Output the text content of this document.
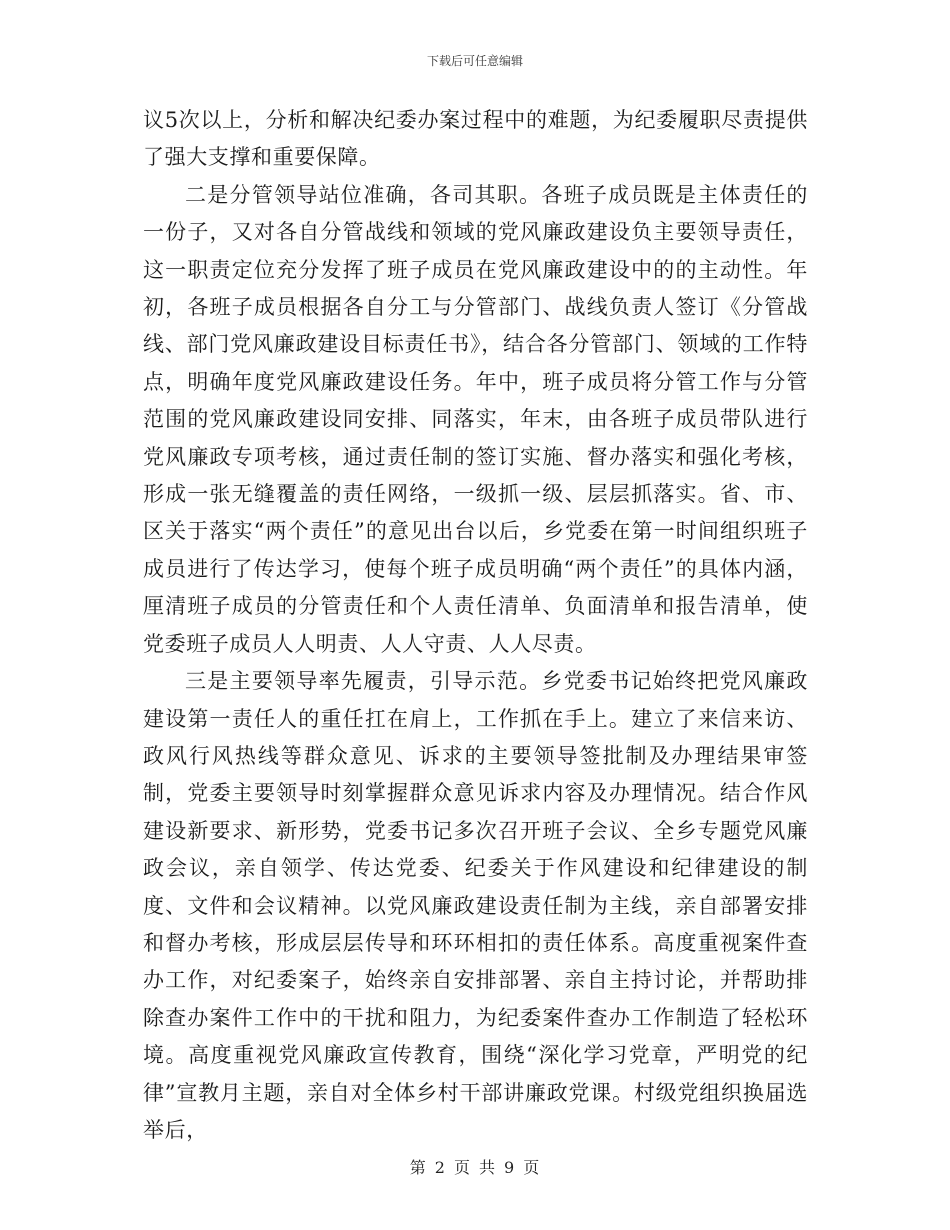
下载后可任意编辑

议5次以上，分析和解决纪委办案过程中的难题，为纪委履职尽责提供了强大支撑和重要保障。

二是分管领导站位准确，各司其职。各班子成员既是主体责任的一份子，又对各自分管战线和领域的党风廉政建设负主要领导责任，这一职责定位充分发挥了班子成员在党风廉政建设中的的主动性。年初，各班子成员根据各自分工与分管部门、战线负责人签订《分管战线、部门党风廉政建设目标责任书》，结合各分管部门、领域的工作特点，明确年度党风廉政建设任务。年中，班子成员将分管工作与分管范围的党风廉政建设同安排、同落实，年末，由各班子成员带队进行党风廉政专项考核，通过责任制的签订实施、督办落实和强化考核，形成一张无缝覆盖的责任网络，一级抓一级、层层抓落实。省、市、区关于落实“两个责任”的意见出台以后，乡党委在第一时间组织班子成员进行了传达学习，使每个班子成员明确“两个责任”的具体内涵，厘清班子成员的分管责任和个人责任清单、负面清单和报告清单，使党委班子成员人人明责、人人守责、人人尽责。

三是主要领导率先履责，引导示范。乡党委书记始终把党风廉政建设第一责任人的重任扛在肩上，工作抓在手上。建立了来信来访、政风行风热线等群众意见、诉求的主要领导签批制及办理结果审签制，党委主要领导时刻掌握群众意见诉求内容及办理情况。结合作风建设新要求、新形势，党委书记多次召开班子会议、全乡专题党风廉政会议，亲自领学、传达党委、纪委关于作风建设和纪律建设的制度、文件和会议精神。以党风廉政建设责任制为主线，亲自部署安排和督办考核，形成层层传导和环环相扣的责任体系。高度重视案件查办工作，对纪委案子，始终亲自安排部署、亲自主持讨论，并帮助排除查办案件工作中的干扰和阻力，为纪委案件查办工作制造了轻松环境。高度重视党风廉政宣传教育，围绕“深化学习党章，严明党的纪律”宣教月主题，亲自对全体乡村干部讲廉政党课。村级党组织换届选举后，

第 2 页 共 9 页
